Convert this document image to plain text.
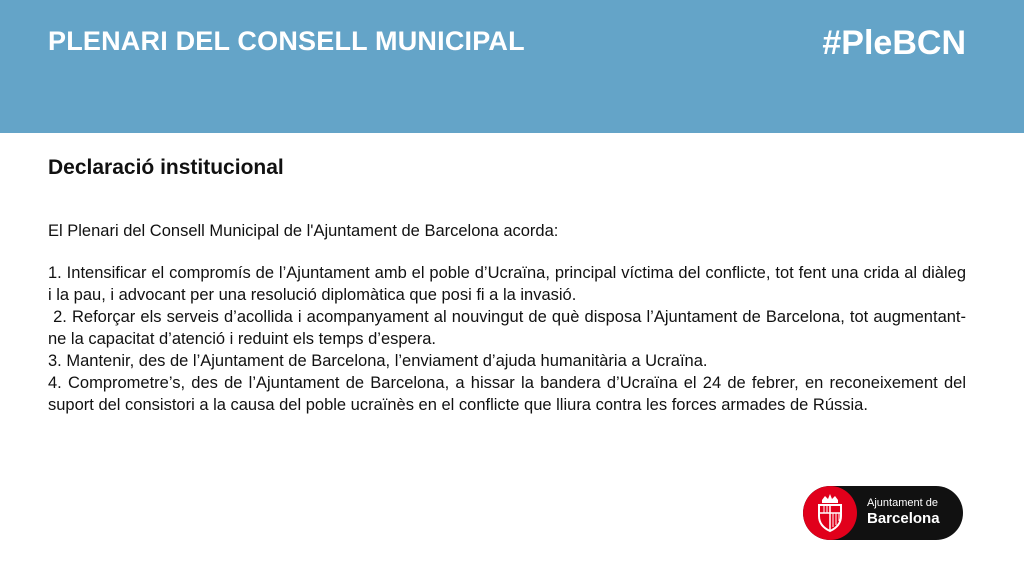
PLENARI DEL CONSELL MUNICIPAL	#PleBCN
Declaració institucional

El Plenari del Consell Municipal de l'Ajuntament de Barcelona acorda:

1. Intensificar el compromís de l’Ajuntament amb el poble d’Ucraïna, principal víctima del conflicte, tot fent una crida al diàleg i la pau, i advocant per una resolució diplomàtica que posi fi a la invasió.
2. Reforçar els serveis d’acollida i acompanyament al nouvingut de què disposa l’Ajuntament de Barcelona, tot augmentant-ne la capacitat d’atenció i reduint els temps d’espera.
3. Mantenir, des de l’Ajuntament de Barcelona, l’enviament d’ajuda humanitària a Ucraïna.
4. Comprometre’s, des de l’Ajuntament de Barcelona, a hissar la bandera d’Ucraïna el 24 de febrer, en reconeixement del suport del consistori a la causa del poble ucraïnès en el conflicte que lliura contra les forces armades de Rússia.
Ajuntament de
Barcelona
